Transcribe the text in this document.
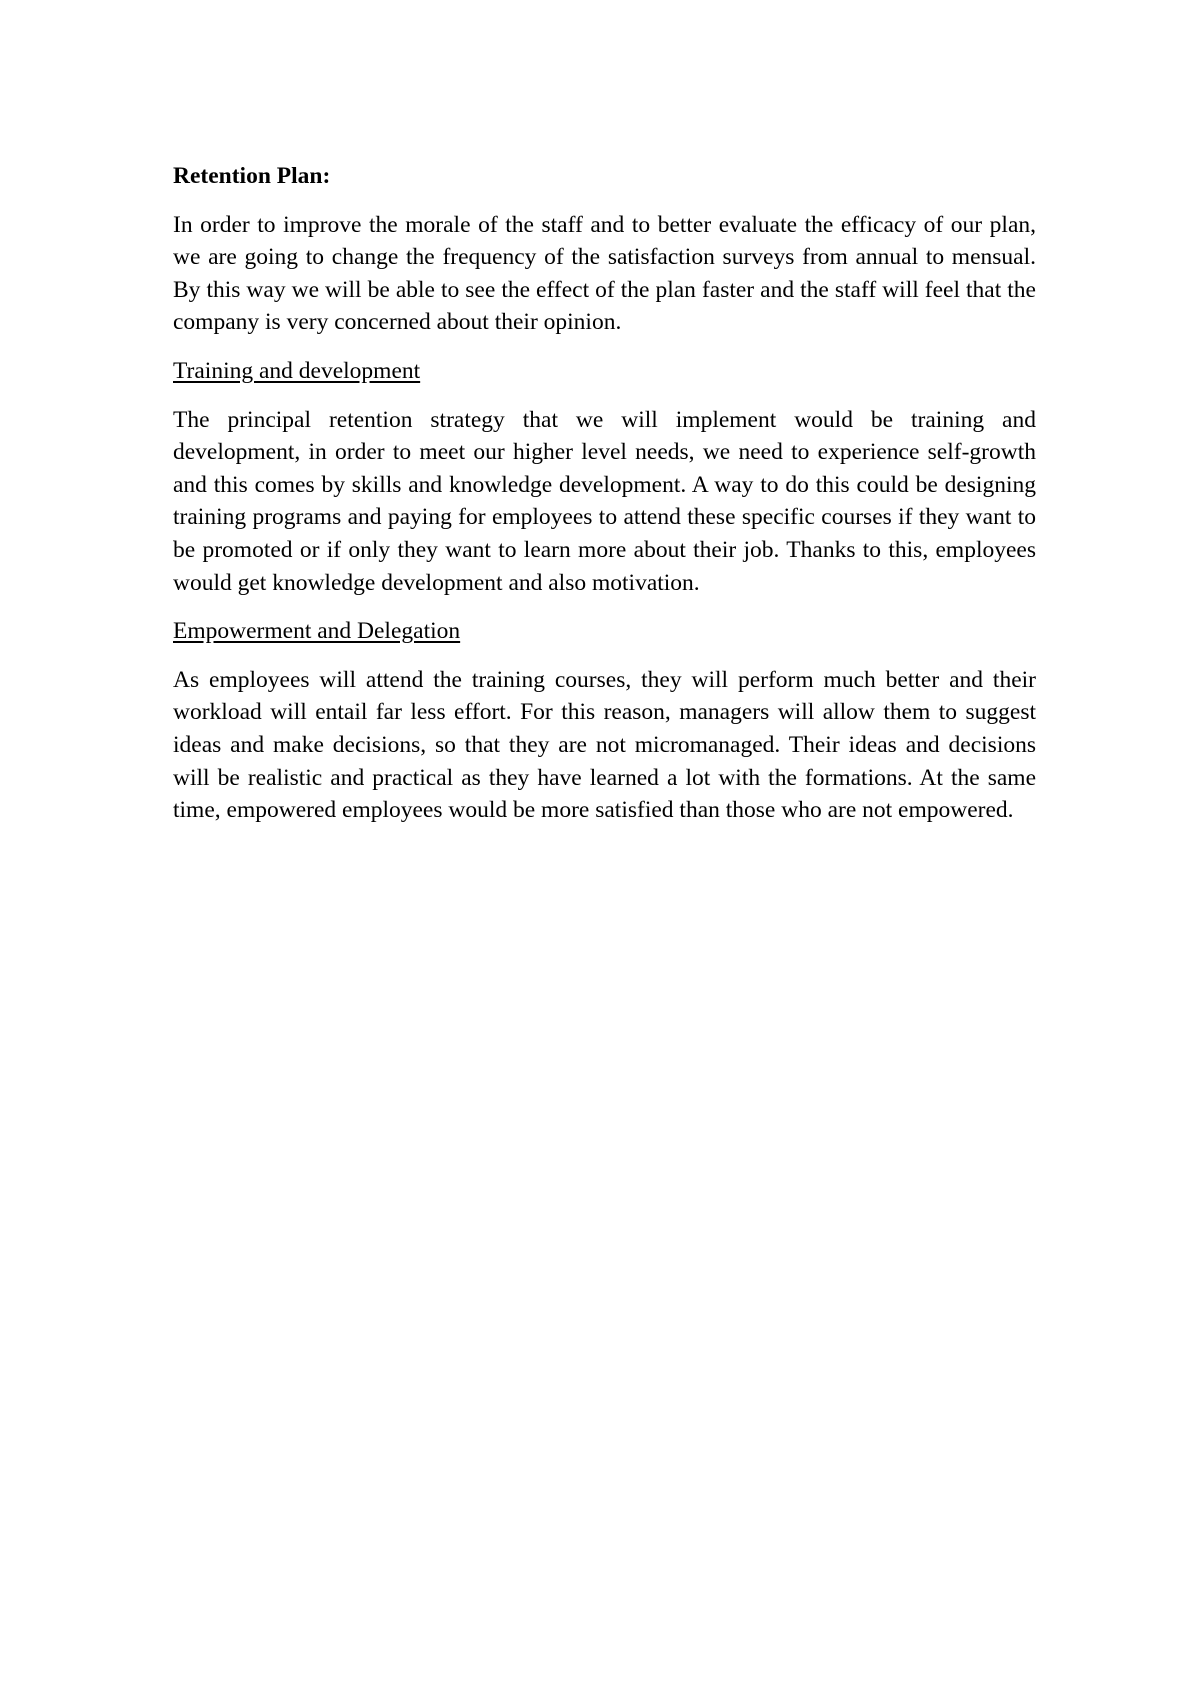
Retention Plan:

In order to improve the morale of the staff and to better evaluate the efficacy of our plan, we are going to change the frequency of the satisfaction surveys from annual to mensual. By this way we will be able to see the effect of the plan faster and the staff will feel that the company is very concerned about their opinion.

Training and development

The principal retention strategy that we will implement would be training and development, in order to meet our higher level needs, we need to experience self-growth and this comes by skills and knowledge development. A way to do this could be designing training programs and paying for employees to attend these specific courses if they want to be promoted or if only they want to learn more about their job. Thanks to this, employees would get knowledge development and also motivation.

Empowerment and Delegation

As employees will attend the training courses, they will perform much better and their workload will entail far less effort. For this reason, managers will allow them to suggest ideas and make decisions, so that they are not micromanaged. Their ideas and decisions will be realistic and practical as they have learned a lot with the formations. At the same time, empowered employees would be more satisfied than those who are not empowered.
